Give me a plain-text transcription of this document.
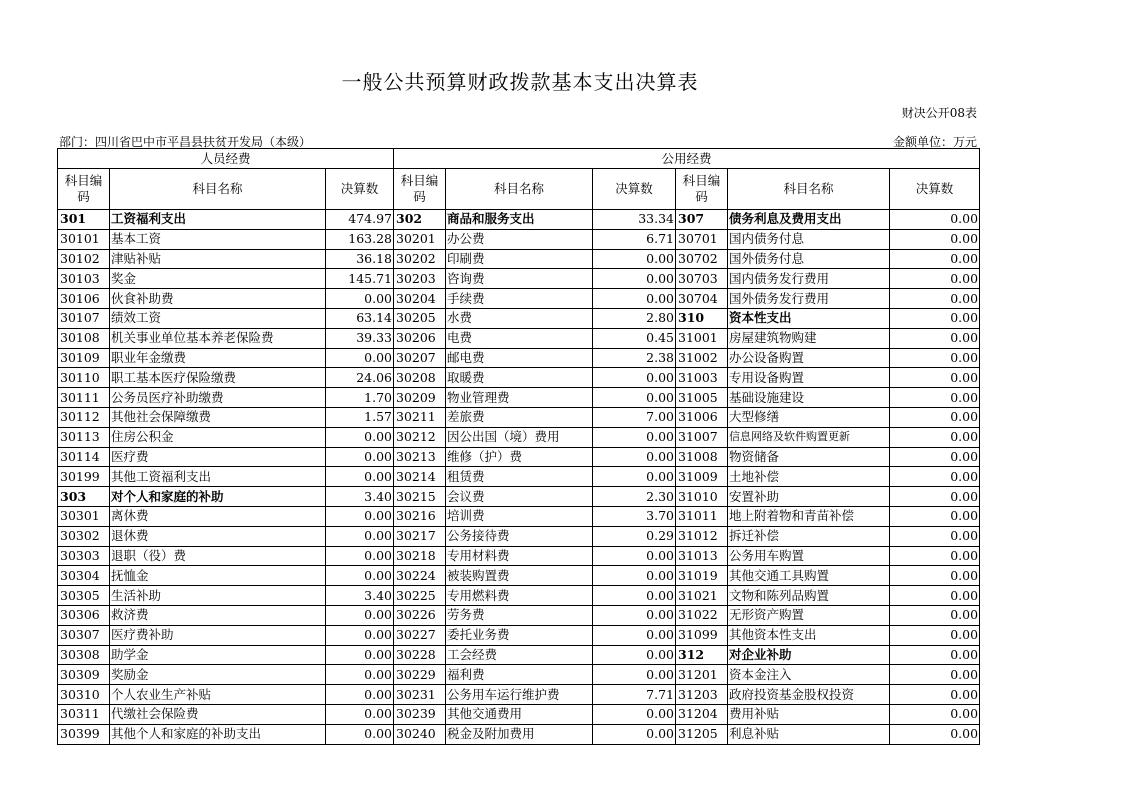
一般公共预算财政拨款基本支出决算表
财决公开08表
部门：四川省巴中市平昌县扶贫开发局（本级）	金额单位：万元
人员经费			公用经费					
科目编码	科目名称	决算数	科目编码	科目名称	决算数	科目编码	科目名称	决算数
301	工资福利支出	474.97	302	商品和服务支出	33.34	307	债务利息及费用支出	0.00
30101	基本工资	163.28	30201	办公费	6.71	30701	国内债务付息	0.00
30102	津贴补贴	36.18	30202	印刷费	0.00	30702	国外债务付息	0.00
30103	奖金	145.71	30203	咨询费	0.00	30703	国内债务发行费用	0.00
30106	伙食补助费	0.00	30204	手续费	0.00	30704	国外债务发行费用	0.00
30107	绩效工资	63.14	30205	水费	2.80	310	资本性支出	0.00
30108	机关事业单位基本养老保险费	39.33	30206	电费	0.45	31001	房屋建筑物购建	0.00
30109	职业年金缴费	0.00	30207	邮电费	2.38	31002	办公设备购置	0.00
30110	职工基本医疗保险缴费	24.06	30208	取暖费	0.00	31003	专用设备购置	0.00
30111	公务员医疗补助缴费	1.70	30209	物业管理费	0.00	31005	基础设施建设	0.00
30112	其他社会保障缴费	1.57	30211	差旅费	7.00	31006	大型修缮	0.00
30113	住房公积金	0.00	30212	因公出国（境）费用	0.00	31007	信息网络及软件购置更新	0.00
30114	医疗费	0.00	30213	维修（护）费	0.00	31008	物资储备	0.00
30199	其他工资福利支出	0.00	30214	租赁费	0.00	31009	土地补偿	0.00
303	对个人和家庭的补助	3.40	30215	会议费	2.30	31010	安置补助	0.00
30301	离休费	0.00	30216	培训费	3.70	31011	地上附着物和青苗补偿	0.00
30302	退休费	0.00	30217	公务接待费	0.29	31012	拆迁补偿	0.00
30303	退职（役）费	0.00	30218	专用材料费	0.00	31013	公务用车购置	0.00
30304	抚恤金	0.00	30224	被装购置费	0.00	31019	其他交通工具购置	0.00
30305	生活补助	3.40	30225	专用燃料费	0.00	31021	文物和陈列品购置	0.00
30306	救济费	0.00	30226	劳务费	0.00	31022	无形资产购置	0.00
30307	医疗费补助	0.00	30227	委托业务费	0.00	31099	其他资本性支出	0.00
30308	助学金	0.00	30228	工会经费	0.00	312	对企业补助	0.00
30309	奖励金	0.00	30229	福利费	0.00	31201	资本金注入	0.00
30310	个人农业生产补贴	0.00	30231	公务用车运行维护费	7.71	31203	政府投资基金股权投资	0.00
30311	代缴社会保险费	0.00	30239	其他交通费用	0.00	31204	费用补贴	0.00
30399	其他个人和家庭的补助支出	0.00	30240	税金及附加费用	0.00	31205	利息补贴	0.00
